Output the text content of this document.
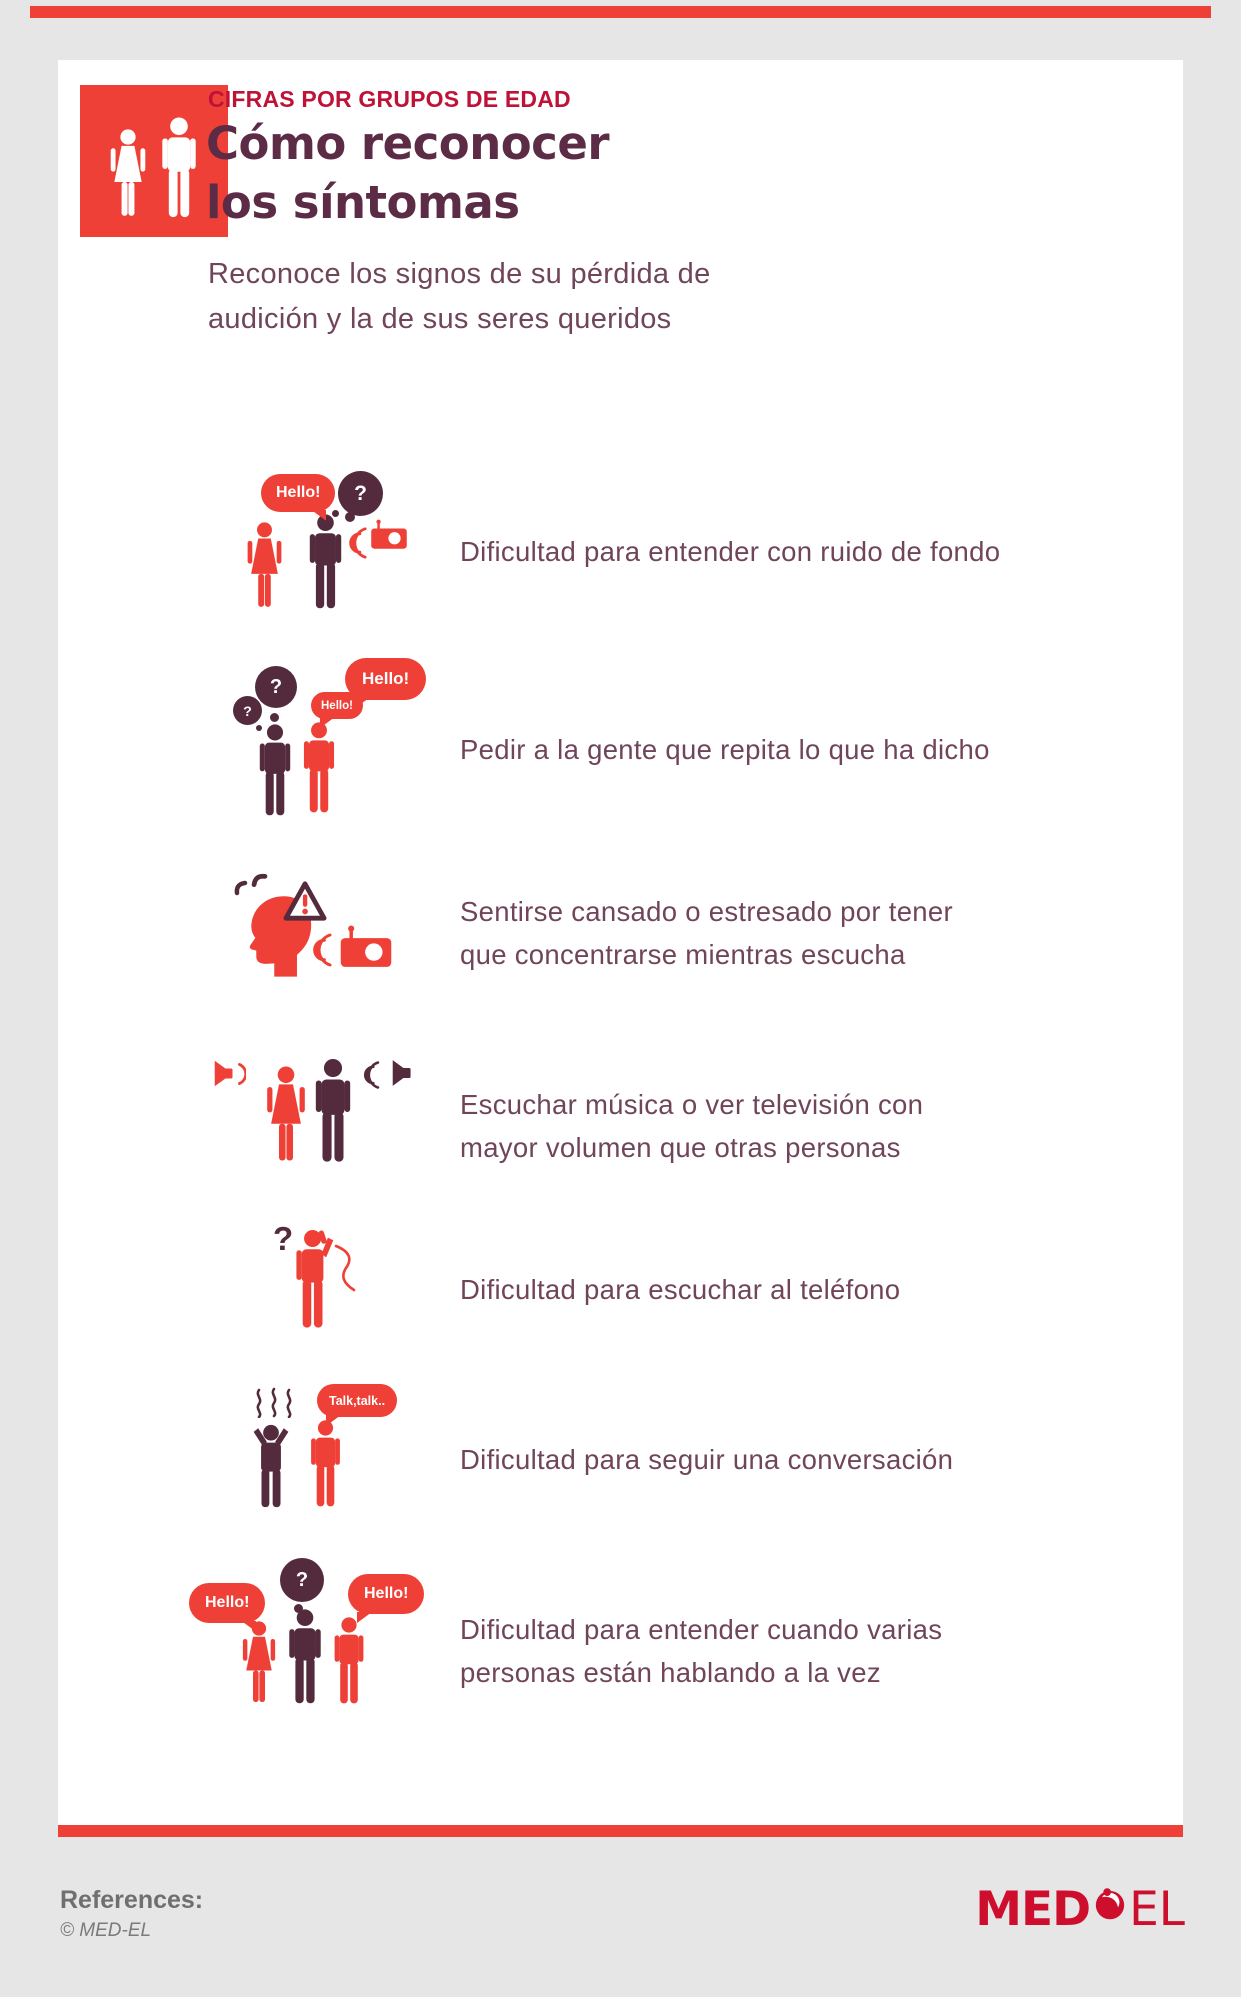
CIFRAS POR GRUPOS DE EDAD
Cómo reconocer
los síntomas
Reconoce los signos de su pérdida de
audición y la de sus seres queridos
Hello!	?
Dificultad para entender con ruido de fondo
?
?	Hello!
Hello!
Pedir a la gente que repita lo que ha dicho
Sentirse cansado o estresado por tener
que concentrarse mientras escucha
Escuchar música o ver televisión con
mayor volumen que otras personas
?
Dificultad para escuchar al teléfono
Talk,talk..
Dificultad para seguir una conversación
Hello!
?
Hello!
Dificultad para entender cuando varias
personas están hablando a la vez
References:
© MED-EL	MED EL
